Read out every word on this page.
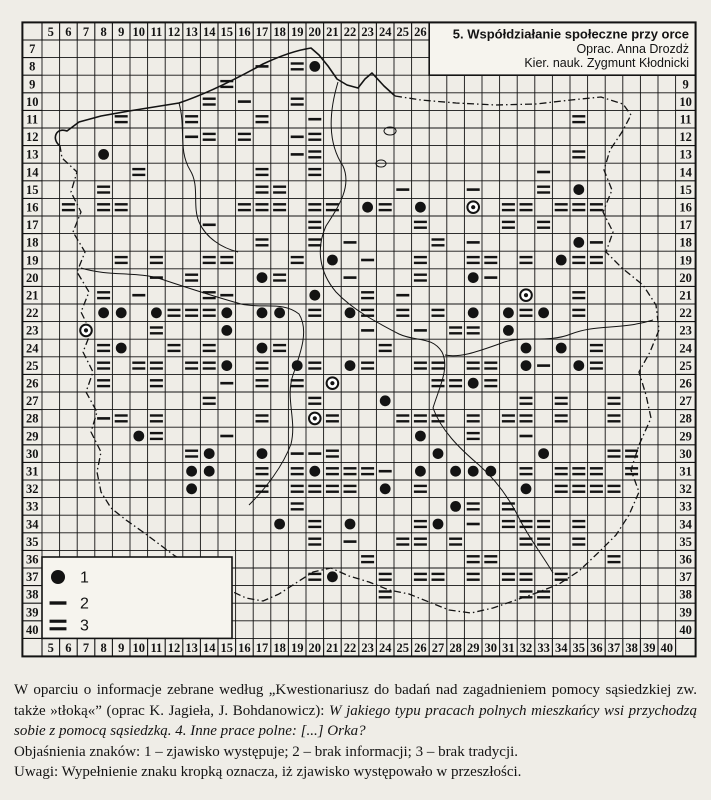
5. Współdziałanie społeczne przy orce
Oprac. Anna Drozdż
Kier. nauk. Zygmunt Kłodnicki
1
2
3
5 6 7 8 9 10 11 12 13 14 15 16 17 18 19 20 21 22 23 24 25 26
5 6 7 8 9 10 11 12 13 14 15 16 17 18 19 20 21 22 23 24 25 26 27 28 29 30 31 32 33 34 35 36 37 38 39 40
7
8
9
10
11
12
13
14
15
16
17
18
19
20
21
22
23
24
25
26
27
28
29
30
31
32
33
34
35
36
37
38
39
40
9
10
11
12
13
14
15
16
17
18
19
20
21
22
23
24
25
26
27
28
29
30
31
32
33
34
35
36
37
38
39
40

W oparciu o informacje zebrane według „Kwestionariusz do badań nad zagadnieniem pomocy sąsiedzkiej zw. także »tłoką«” (oprac K. Jagieła, J. Bohdanowicz): W jakiego typu pracach polnych mieszkańcy wsi przychodzą sobie z pomocą sąsiedzką. 4. Inne prace polne: [...] Orka?

Objaśnienia znaków: 1 – zjawisko występuje; 2 – brak informacji; 3 – brak tradycji.

Uwagi: Wypełnienie znaku kropką oznacza, iż zjawisko występowało w przeszłości.
